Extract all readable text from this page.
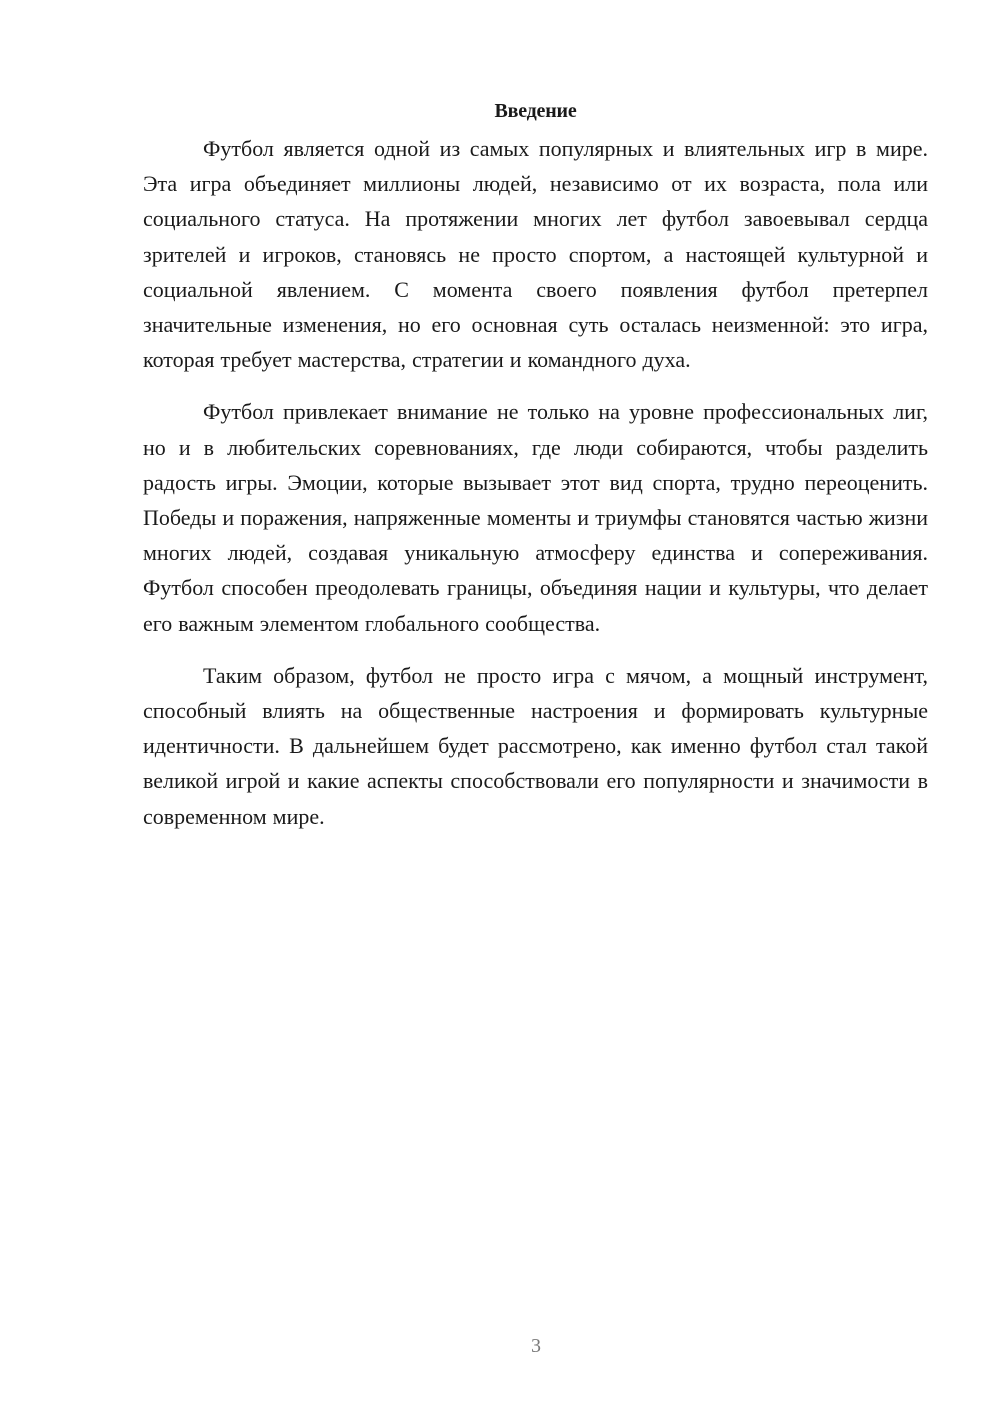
Введение

Футбол является одной из самых популярных и влиятельных игр в мире. Эта игра объединяет миллионы людей, независимо от их возраста, пола или социального статуса. На протяжении многих лет футбол завоевывал сердца зрителей и игроков, становясь не просто спортом, а настоящей культурной и социальной явлением. С момента своего появления футбол претерпел значительные изменения, но его основная суть осталась неизменной: это игра, которая требует мастерства, стратегии и командного духа.

Футбол привлекает внимание не только на уровне профессиональных лиг, но и в любительских соревнованиях, где люди собираются, чтобы разделить радость игры. Эмоции, которые вызывает этот вид спорта, трудно переоценить. Победы и поражения, напряженные моменты и триумфы становятся частью жизни многих людей, создавая уникальную атмосферу единства и сопереживания. Футбол способен преодолевать границы, объединяя нации и культуры, что делает его важным элементом глобального сообщества.

Таким образом, футбол не просто игра с мячом, а мощный инструмент, способный влиять на общественные настроения и формировать культурные идентичности. В дальнейшем будет рассмотрено, как именно футбол стал такой великой игрой и какие аспекты способствовали его популярности и значимости в современном мире.

3
